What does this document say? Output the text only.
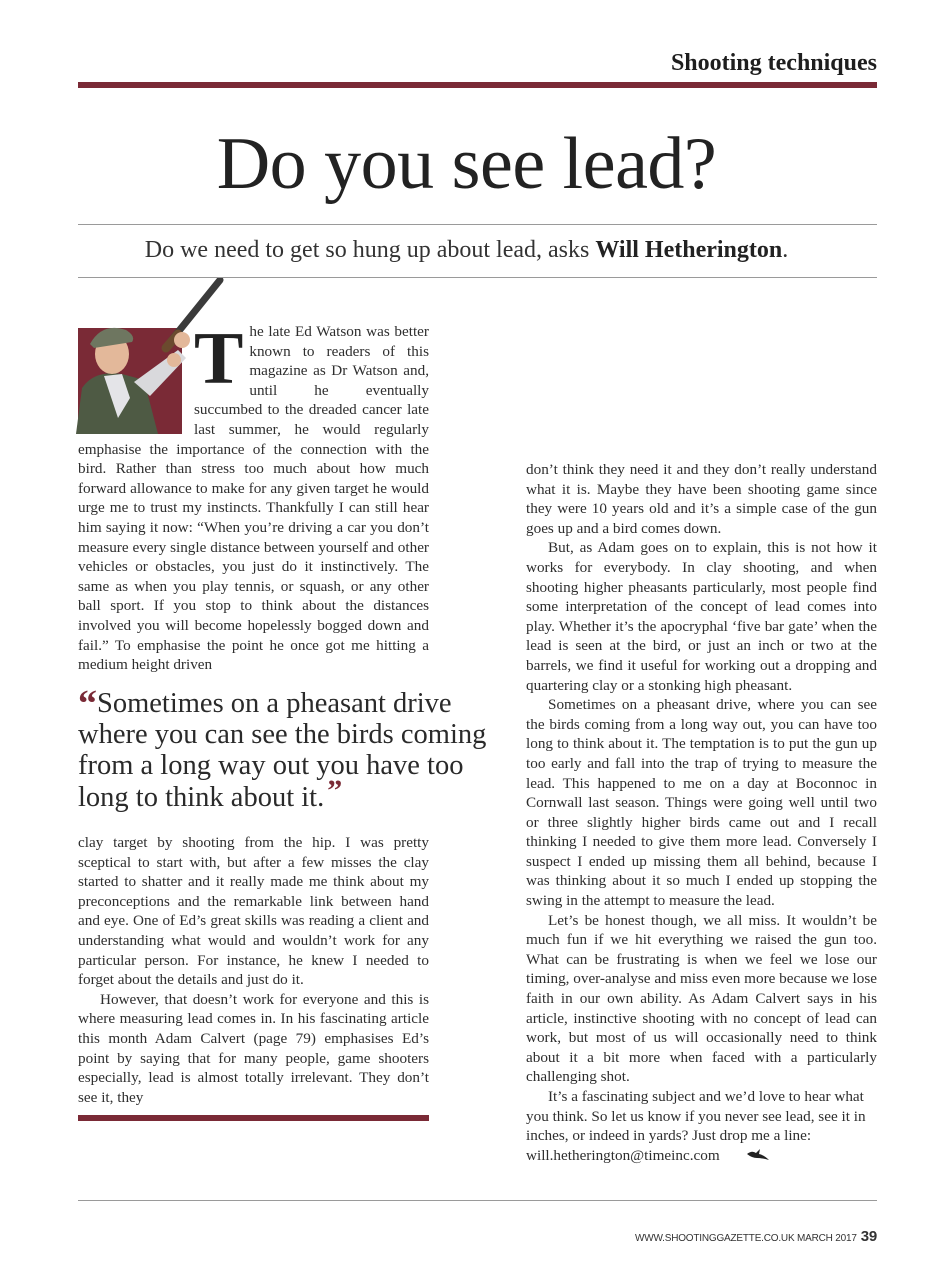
Shooting techniques
Do you see lead?
Do we need to get so hung up about lead, asks Will Hetherington.
T he late Ed Watson was better known to readers of this magazine as Dr Watson and, until he eventually succumbed to the dreaded cancer late last summer, he would regularly emphasise the importance of the connection with the bird. Rather than stress too much about how much forward allowance to make for any given target he would urge me to trust my instincts. Thankfully I can still hear him saying it now: “When you’re driving a car you don’t measure every single distance between yourself and other vehicles or obstacles, you just do it instinctively. The same as when you play tennis, or squash, or any other ball sport. If you stop to think about the distances involved you will become hopelessly bogged down and fail.” To emphasise the point he once got me hitting a medium height driven

“Sometimes on a pheasant drive where you can see the birds coming from a long way out you have too long to think about it. ”

clay target by shooting from the hip. I was pretty sceptical to start with, but after a few misses the clay started to shatter and it really made me think about my preconceptions and the remarkable link between hand and eye. One of Ed’s great skills was reading a client and understanding what would and wouldn’t work for any particular person. For instance, he knew I needed to forget about the details and just do it.

However, that doesn’t work for everyone and this is where measuring lead comes in. In his fascinating article this month Adam Calvert (page 79) emphasises Ed’s point by saying that for many people, game shooters especially, lead is almost totally irrelevant. They don’t see it, they

don’t think they need it and they don’t really understand what it is. Maybe they have been shooting game since they were 10 years old and it’s a simple case of the gun goes up and a bird comes down.

But, as Adam goes on to explain, this is not how it works for everybody. In clay shooting, and when shooting higher pheasants particularly, most people find some interpretation of the concept of lead comes into play. Whether it’s the apocryphal ‘five bar gate’ when the lead is seen at the bird, or just an inch or two at the barrels, we find it useful for working out a dropping and quartering clay or a stonking high pheasant.

Sometimes on a pheasant drive, where you can see the birds coming from a long way out, you can have too long to think about it. The temptation is to put the gun up too early and fall into the trap of trying to measure the lead. This happened to me on a day at Boconnoc in Cornwall last season. Things were going well until two or three slightly higher birds came out and I recall thinking I needed to give them more lead. Conversely I suspect I ended up missing them all behind, because I was thinking about it so much I ended up stopping the swing in the attempt to measure the lead.

Let’s be honest though, we all miss. It wouldn’t be much fun if we hit everything we raised the gun too. What can be frustrating is when we feel we lose our timing, over-analyse and miss even more because we lose faith in our own ability. As Adam Calvert says in his article, instinctive shooting with no concept of lead can work, but most of us will occasionally need to think about it a bit more when faced with a particularly challenging shot.

It’s a fascinating subject and we’d love to hear what you think. So let us know if you never see lead, see it in inches, or indeed in yards? Just drop me a line: will.hetherington@timeinc.com

WWW.SHOOTINGGAZETTE.CO.UK MARCH 2017 39
